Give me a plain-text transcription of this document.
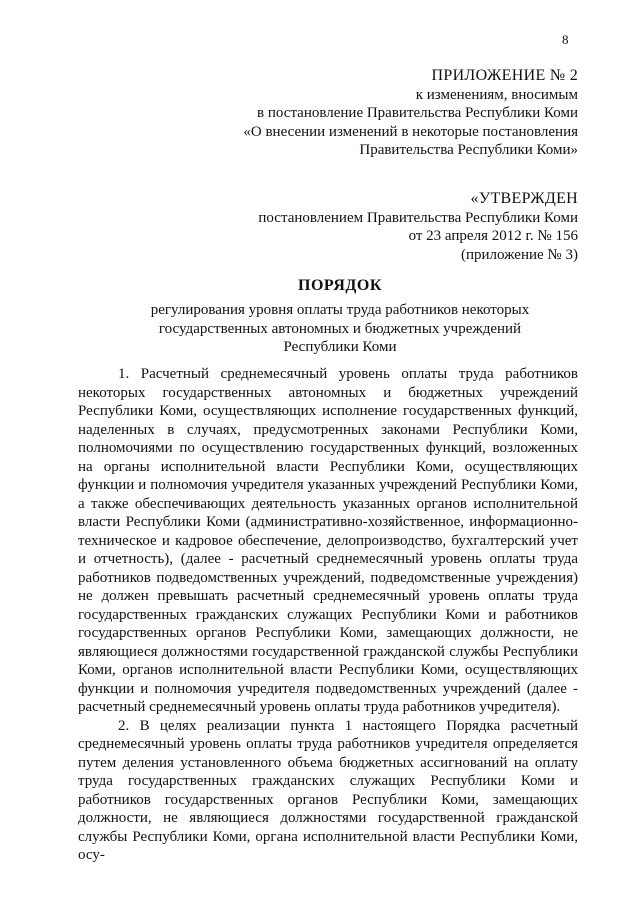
8
ПРИЛОЖЕНИЕ № 2
к изменениям, вносимым
в постановление Правительства Республики Коми
«О внесении изменений в некоторые постановления
Правительства Республики Коми»
«УТВЕРЖДЕН
постановлением Правительства Республики Коми
от 23 апреля 2012 г. № 156
(приложение № 3)
ПОРЯДОК
регулирования уровня оплаты труда работников некоторых
государственных автономных и бюджетных учреждений
Республики Коми

1. Расчетный среднемесячный уровень оплаты труда работников некоторых государственных автономных и бюджетных учреждений Республики Коми, осуществляющих исполнение государственных функций, наделенных в случаях, предусмотренных законами Республики Коми, полномочиями по осуществлению государственных функций, возложенных на органы исполнительной власти Республики Коми, осуществляющих функции и полномочия учредителя указанных учреждений Республики Коми, а также обеспечивающих деятельность указанных органов исполнительной власти Республики Коми (административно-хозяйственное, информационно-техническое и кадровое обеспечение, делопроизводство, бухгалтерский учет и отчетность), (далее - расчетный среднемесячный уровень оплаты труда работников подведомственных учреждений, подведомственные учреждения) не должен превышать расчетный среднемесячный уровень оплаты труда государственных гражданских служащих Республики Коми и работников государственных органов Республики Коми, замещающих должности, не являющиеся должностями государственной гражданской службы Республики Коми, органов исполнительной власти Республики Коми, осуществляющих функции и полномочия учредителя подведомственных учреждений (далее - расчетный среднемесячный уровень оплаты труда работников учредителя).

2. В целях реализации пункта 1 настоящего Порядка расчетный среднемесячный уровень оплаты труда работников учредителя определяется путем деления установленного объема бюджетных ассигнований на оплату труда государственных гражданских служащих Республики Коми и работников государственных органов Республики Коми, замещающих должности, не являющиеся должностями государственной гражданской службы Республики Коми, органа исполнительной власти Республики Коми, осу-
